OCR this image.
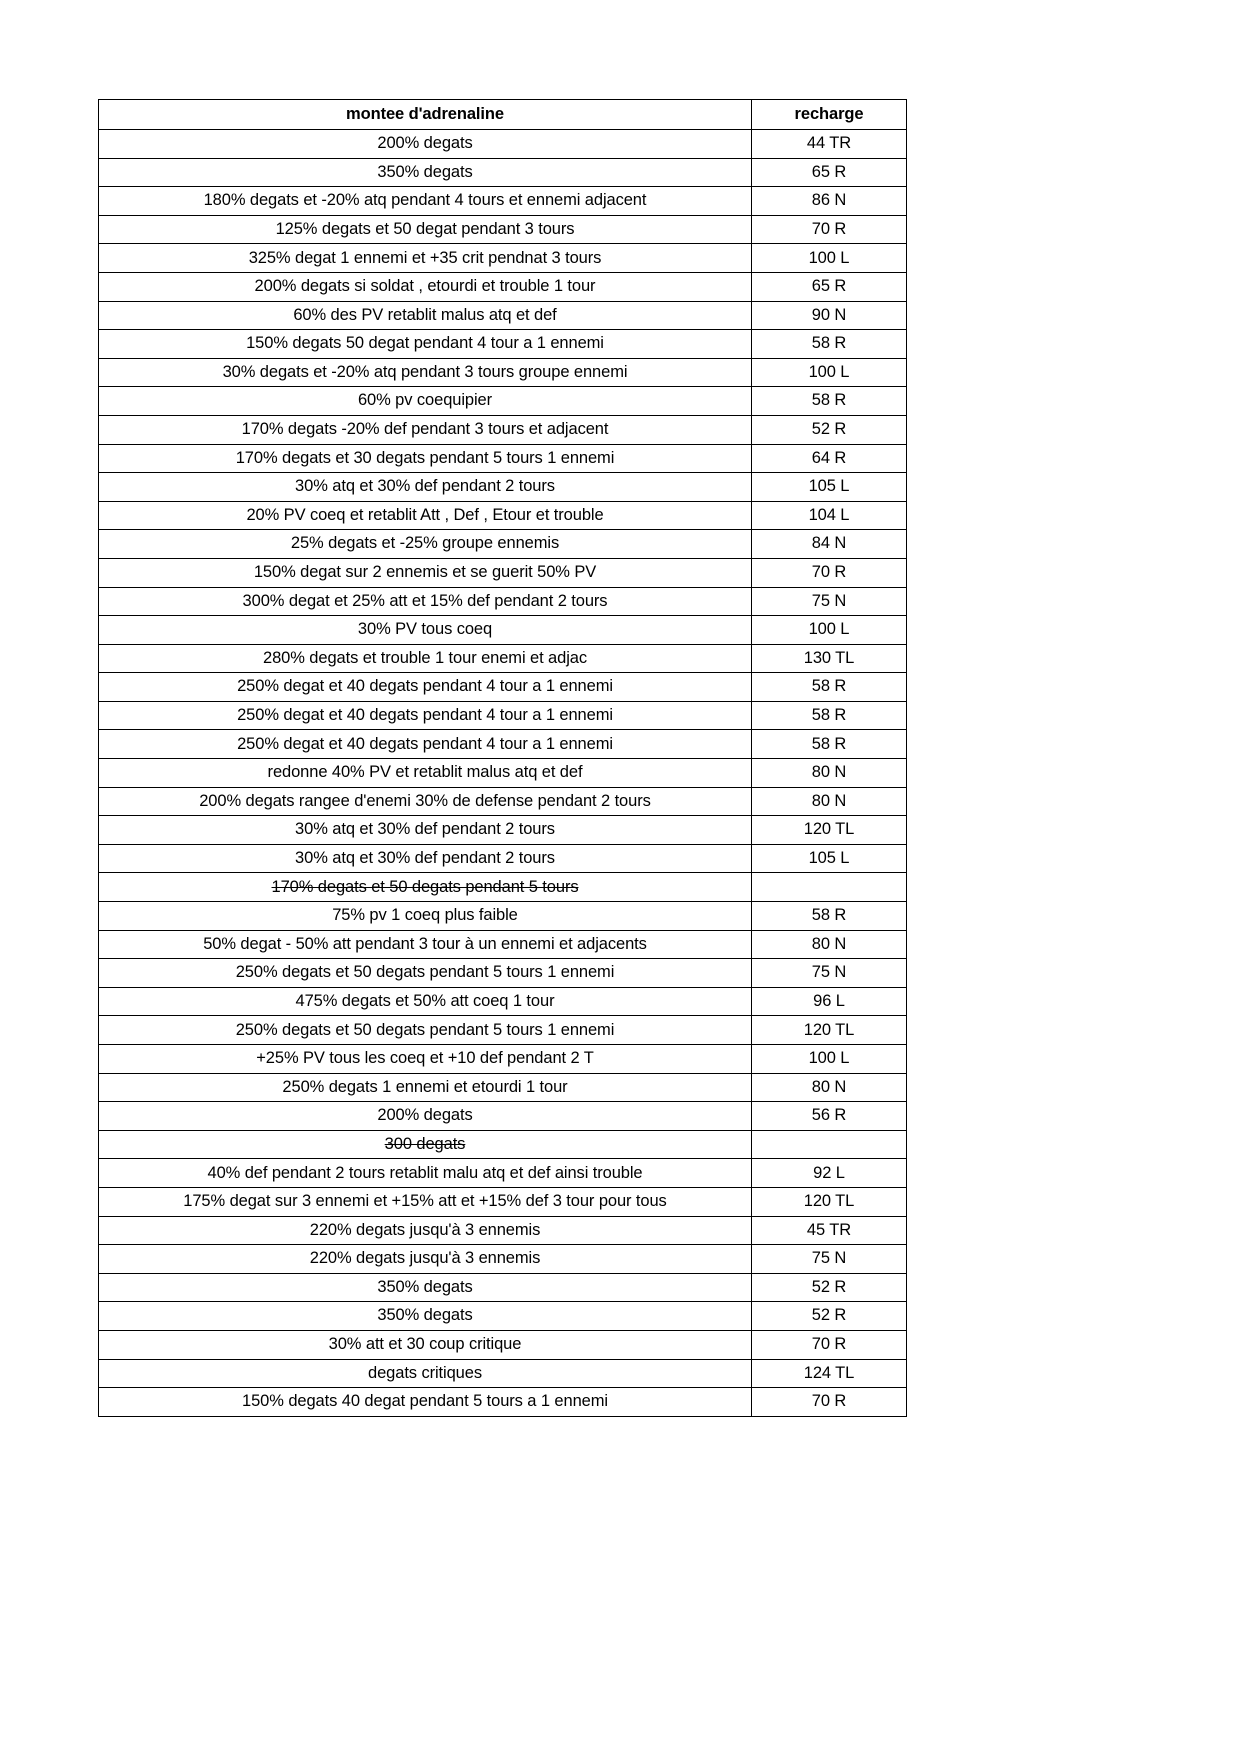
montee d'adrenaline	recharge
200% degats	44 TR
350% degats	65 R
180% degats et -20% atq pendant 4 tours et ennemi adjacent	86 N
125% degats et 50 degat pendant 3 tours	70 R
325% degat 1 ennemi et +35 crit pendnat 3 tours	100 L
200% degats si soldat , etourdi et trouble 1 tour	65 R
60% des PV retablit malus atq et def	90 N
150% degats 50 degat pendant 4 tour a 1 ennemi	58 R
30% degats et -20% atq pendant 3 tours groupe ennemi	100 L
60% pv coequipier	58 R
170% degats -20% def pendant 3 tours et adjacent	52 R
170% degats et 30 degats pendant 5 tours 1 ennemi	64 R
30% atq et 30% def pendant 2 tours	105 L
20% PV coeq et retablit Att , Def , Etour et trouble	104 L
25% degats et -25% groupe ennemis	84 N
150% degat sur 2 ennemis et se guerit 50% PV	70 R
300% degat et 25% att et 15% def pendant 2 tours	75 N
30% PV tous coeq	100 L
280% degats et trouble 1 tour enemi et adjac	130 TL
250% degat et 40 degats pendant 4 tour a 1 ennemi	58 R
250% degat et 40 degats pendant 4 tour a 1 ennemi	58 R
250% degat et 40 degats pendant 4 tour a 1 ennemi	58 R
redonne 40% PV et retablit malus atq et def	80 N
200% degats rangee d'enemi 30% de defense pendant 2 tours	80 N
30% atq et 30% def pendant 2 tours	120 TL
30% atq et 30% def pendant 2 tours	105 L
170% degats et 50 degats pendant 5 tours	
75% pv 1 coeq plus faible	58 R
50% degat - 50% att pendant 3 tour à un ennemi et adjacents	80 N
250% degats et 50 degats pendant 5 tours 1 ennemi	75 N
475% degats et 50% att coeq 1 tour	96 L
250% degats et 50 degats pendant 5 tours 1 ennemi	120 TL
+25% PV tous les coeq et +10 def pendant 2 T	100 L
250% degats 1 ennemi et etourdi 1 tour	80 N
200% degats	56 R
300 degats	
40% def pendant 2 tours retablit malu atq et def ainsi trouble	92 L
175% degat sur 3 ennemi et +15% att et +15% def 3 tour pour tous	120 TL
220% degats jusqu'à 3 ennemis	45 TR
220% degats jusqu'à 3 ennemis	75 N
350% degats	52 R
350% degats	52 R
30% att et 30 coup critique	70 R
degats critiques	124 TL
150% degats 40 degat pendant 5 tours a 1 ennemi	70 R
